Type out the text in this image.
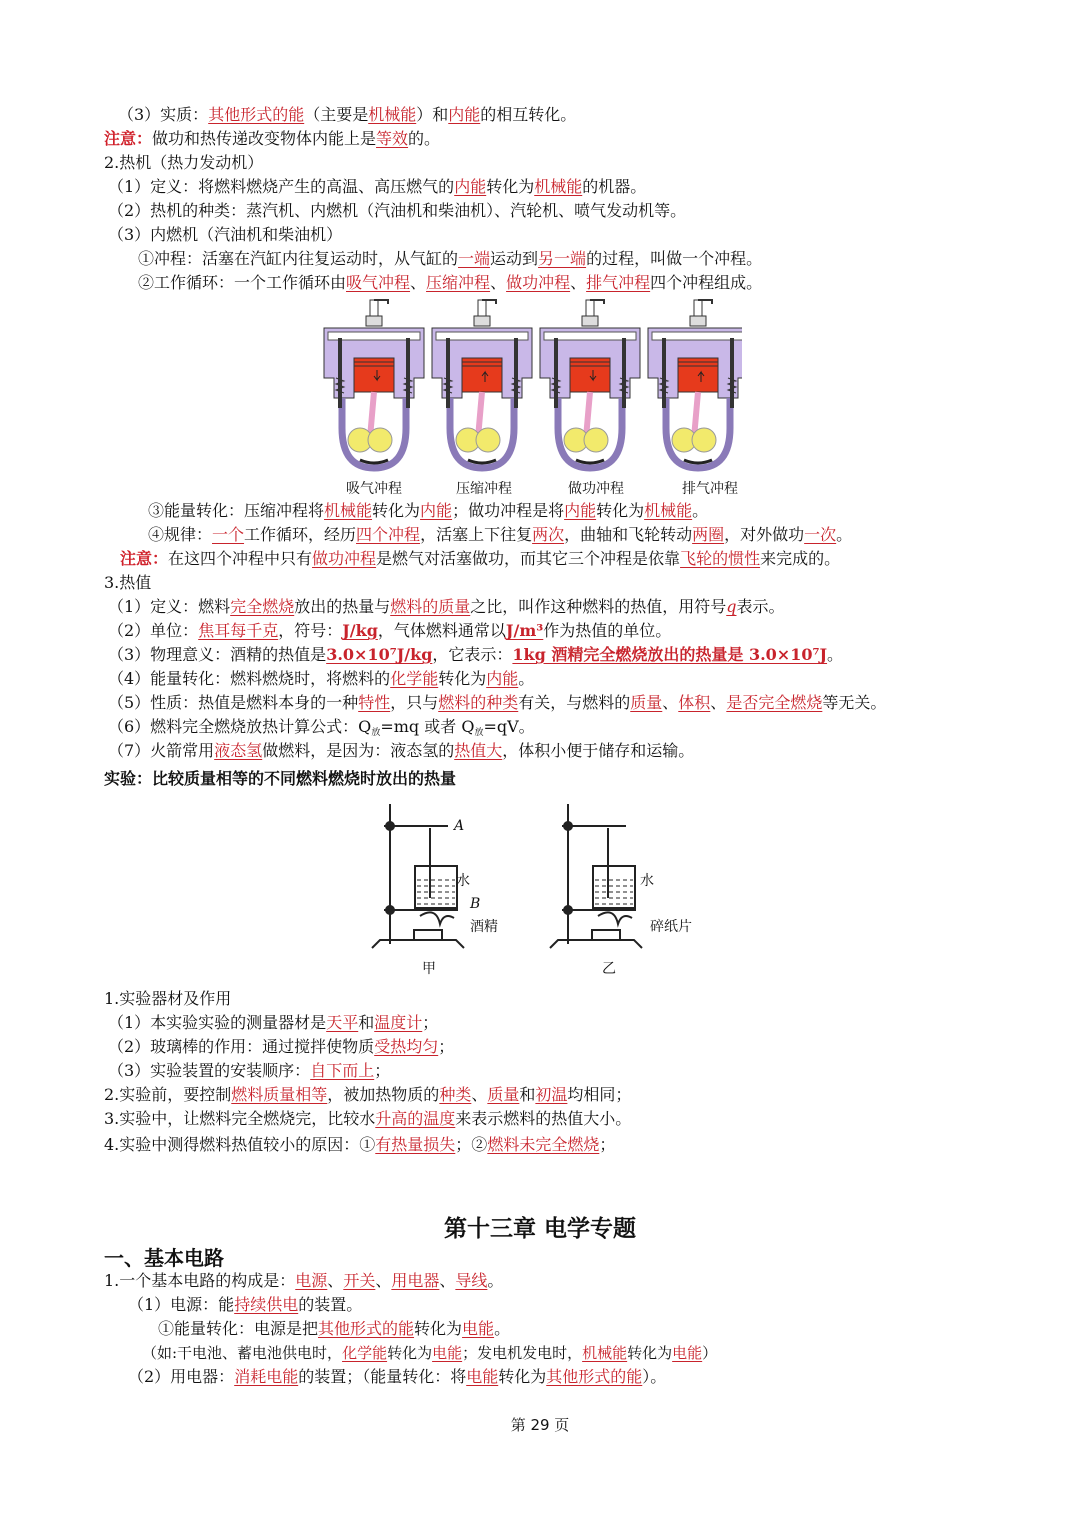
（3）实质：其他形式的能（主要是机械能）和内能的相互转化。
注意：做功和热传递改变物体内能上是等效的。
2.热机（热力发动机）
（1）定义：将燃料燃烧产生的高温、高压燃气的内能转化为机械能的机器。
（2）热机的种类：蒸汽机、内燃机（汽油机和柴油机）、汽轮机、喷气发动机等。
（3）内燃机（汽油机和柴油机）
①冲程：活塞在汽缸内往复运动时，从气缸的一端运动到另一端的过程，叫做一个冲程。
②工作循环：一个工作循环由吸气冲程、压缩冲程、做功冲程、排气冲程四个冲程组成。
吸气冲程	压缩冲程	做功冲程	排气冲程
③能量转化：压缩冲程将机械能转化为内能；做功冲程是将内能转化为机械能。
④规律：一个工作循环，经历四个冲程，活塞上下往复两次，曲轴和飞轮转动两圈，对外做功一次。
注意：在这四个冲程中只有做功冲程是燃气对活塞做功，而其它三个冲程是依靠飞轮的惯性来完成的。
3.热值
（1）定义：燃料完全燃烧放出的热量与燃料的质量之比，叫作这种燃料的热值，用符号q表示。
（2）单位：焦耳每千克，符号：J/kg，气体燃料通常以J/m³作为热值的单位。
（3）物理意义：酒精的热值是3.0×10⁷J/kg，它表示：1kg 酒精完全燃烧放出的热量是 3.0×10⁷J。
（4）能量转化：燃料燃烧时，将燃料的化学能转化为内能。
（5）性质：热值是燃料本身的一种特性，只与燃料的种类有关，与燃料的质量、体积、是否完全燃烧等无关。
（6）燃料完全燃烧放热计算公式：$Q_放=mq$ 或者 $Q_放=qV$。
（7）火箭常用液态氢做燃料，是因为：液态氢的热值大，体积小便于储存和运输。
实验：比较质量相等的不同燃料燃烧时放出的热量
A
水
B
酒精
水
碎纸片
甲	乙
1.实验器材及作用
（1）本实验实验的测量器材是天平和温度计；
（2）玻璃棒的作用：通过搅拌使物质受热均匀；
（3）实验装置的安装顺序：自下而上；
2.实验前，要控制燃料质量相等，被加热物质的种类、质量和初温均相同；
3.实验中，让燃料完全燃烧完，比较水升高的温度来表示燃料的热值大小。
4.实验中测得燃料热值较小的原因：①有热量损失；②燃料未完全燃烧；
第十三章 电学专题
一、基本电路
1.一个基本电路的构成是：电源、开关、用电器、导线。
（1）电源：能持续供电的装置。
①能量转化：电源是把其他形式的能转化为电能。
（如:干电池、蓄电池供电时，化学能转化为电能；发电机发电时，机械能转化为电能）
（2）用电器：消耗电能的装置；（能量转化：将电能转化为其他形式的能）。
第 29 页
